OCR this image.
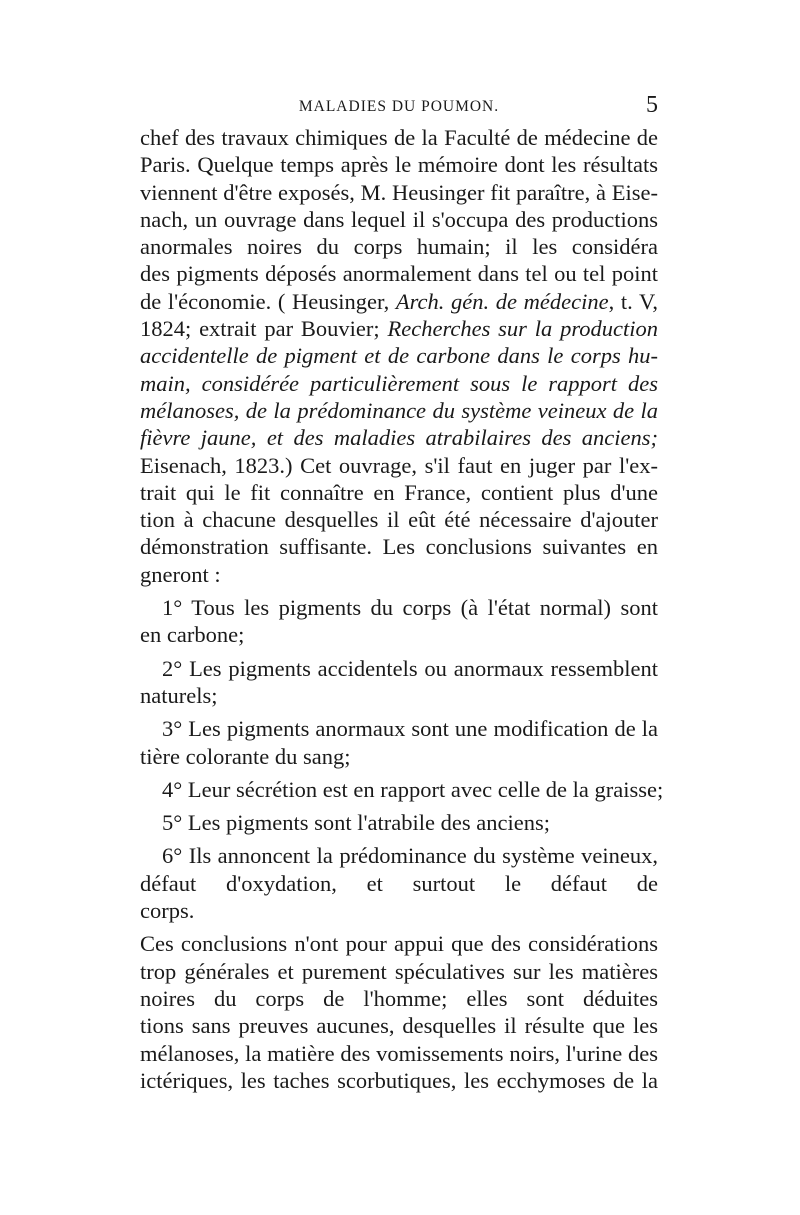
MALADIES DU POUMON.	5
chef des travaux chimiques de la Faculté de médecine de
Paris. Quelque temps après le mémoire dont les résultats
viennent d'être exposés, M. Heusinger fit paraître, à Eise-
nach, un ouvrage dans lequel il s'occupa des productions
anormales noires du corps humain; il les considéra
des pigments déposés anormalement dans tel ou tel point
de l'économie. ( Heusinger, Arch. gén. de médecine, t. V,
1824; extrait par Bouvier; Recherches sur la production
accidentelle de pigment et de carbone dans le corps hu-
main, considérée particulièrement sous le rapport des
mélanoses, de la prédominance du système veineux de la
fièvre jaune, et des maladies atrabilaires des anciens;
Eisenach, 1823.) Cet ouvrage, s'il faut en juger par l'ex-
trait qui le fit connaître en France, contient plus d'une
tion à chacune desquelles il eût été nécessaire d'ajouter
démonstration suffisante. Les conclusions suivantes en
gneront :
1° Tous les pigments du corps (à l'état normal) sont
en carbone;
2° Les pigments accidentels ou anormaux ressemblent
naturels;
3° Les pigments anormaux sont une modification de la
tière colorante du sang;
4° Leur sécrétion est en rapport avec celle de la graisse;
5° Les pigments sont l'atrabile des anciens;
6° Ils annoncent la prédominance du système veineux,
défaut d'oxydation, et surtout le défaut de
corps.
Ces conclusions n'ont pour appui que des considérations
trop générales et purement spéculatives sur les matières
noires du corps de l'homme; elles sont déduites
tions sans preuves aucunes, desquelles il résulte que les
mélanoses, la matière des vomissements noirs, l'urine des
ictériques, les taches scorbutiques, les ecchymoses de la
